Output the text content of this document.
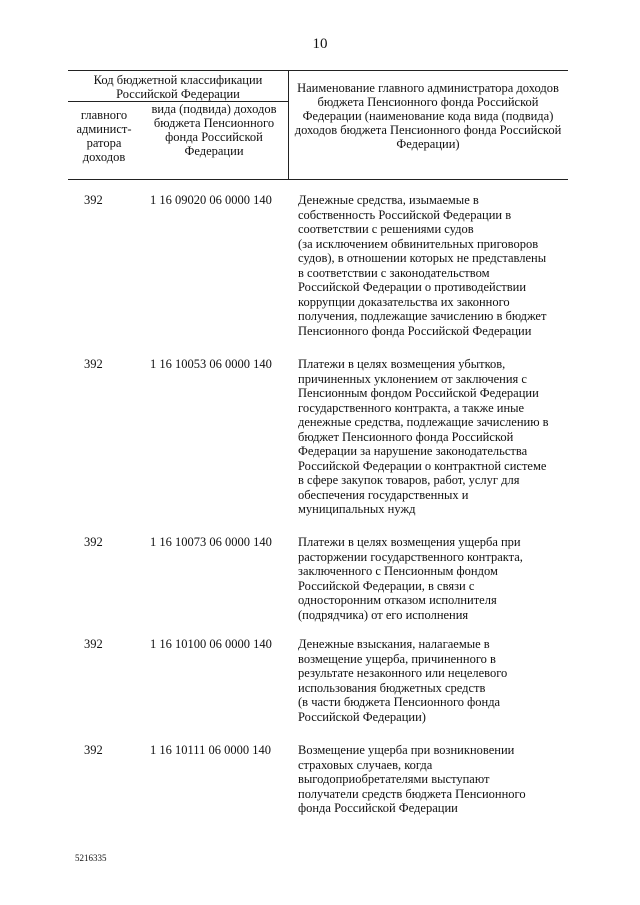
10
Код бюджетной классификации Российской Федерации
главного админист-ратора доходов
вида (подвида) доходов бюджета Пенсионного фонда Российской Федерации
Наименование главного администратора доходов бюджета Пенсионного фонда Российской Федерации (наименование кода вида (подвида) доходов бюджета Пенсионного фонда Российской Федерации)
392	1 16 09020 06 0000 140	Денежные средства, изымаемые в
собственность Российской Федерации в
соответствии с решениями судов
(за исключением обвинительных приговоров
судов), в отношении которых не представлены
в соответствии с законодательством
Российской Федерации о противодействии
коррупции доказательства их законного
получения, подлежащие зачислению в бюджет
Пенсионного фонда Российской Федерации
392	1 16 10053 06 0000 140	Платежи в целях возмещения убытков,
причиненных уклонением от заключения с
Пенсионным фондом Российской Федерации
государственного контракта, а также иные
денежные средства, подлежащие зачислению в
бюджет Пенсионного фонда Российской
Федерации за нарушение законодательства
Российской Федерации о контрактной системе
в сфере закупок товаров, работ, услуг для
обеспечения государственных и
муниципальных нужд
392	1 16 10073 06 0000 140	Платежи в целях возмещения ущерба при
расторжении государственного контракта,
заключенного с Пенсионным фондом
Российской Федерации, в связи с
односторонним отказом исполнителя
(подрядчика) от его исполнения
392	1 16 10100 06 0000 140	Денежные взыскания, налагаемые в
возмещение ущерба, причиненного в
результате незаконного или нецелевого
использования бюджетных средств
(в части бюджета Пенсионного фонда
Российской Федерации)
392	1 16 10111 06 0000 140	Возмещение ущерба при возникновении
страховых случаев, когда
выгодоприобретателями выступают
получатели средств бюджета Пенсионного
фонда Российской Федерации
5216335
